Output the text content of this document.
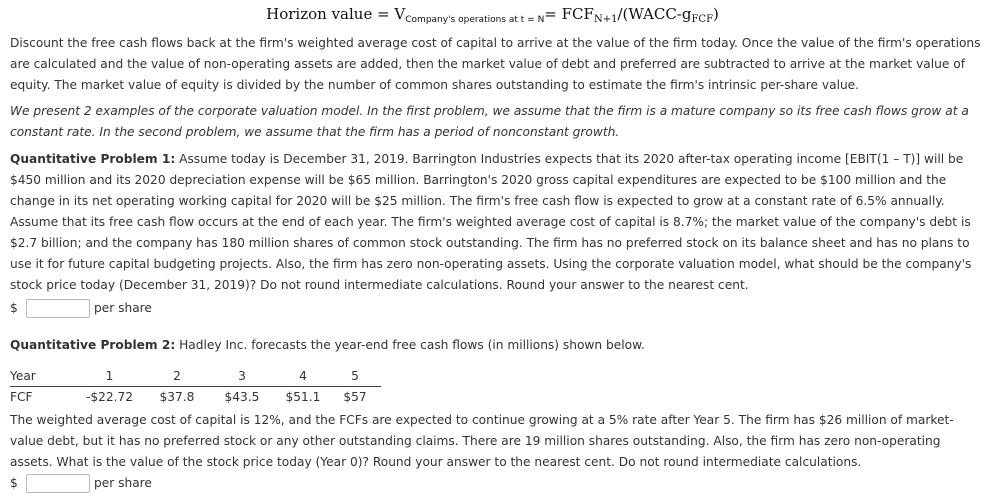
Horizon value = $V_{Company's operations at t = N}=$ $FCF_{N+1}/(WACC-g_{FCF})$

Discount the free cash flows back at the firm's weighted average cost of capital to arrive at the value of the firm today. Once the value of the firm's operations
are calculated and the value of non-operating assets are added, then the market value of debt and preferred are subtracted to arrive at the market value of
equity. The market value of equity is divided by the number of common shares outstanding to estimate the firm's intrinsic per-share value.

We present 2 examples of the corporate valuation model. In the first problem, we assume that the firm is a mature company so its free cash flows grow at a
constant rate. In the second problem, we assume that the firm has a period of nonconstant growth.

Quantitative Problem 1: Assume today is December 31, 2019. Barrington Industries expects that its 2020 after-tax operating income [EBIT(1 – T)] will be
$450 million and its 2020 depreciation expense will be $65 million. Barrington's 2020 gross capital expenditures are expected to be $100 million and the
change in its net operating working capital for 2020 will be $25 million. The firm's free cash flow is expected to grow at a constant rate of 6.5% annually.
Assume that its free cash flow occurs at the end of each year. The firm's weighted average cost of capital is 8.7%; the market value of the company's debt is
$2.7 billion; and the company has 180 million shares of common stock outstanding. The firm has no preferred stock on its balance sheet and has no plans to
use it for future capital budgeting projects. Also, the firm has zero non-operating assets. Using the corporate valuation model, what should be the company's
stock price today (December 31, 2019)? Do not round intermediate calculations. Round your answer to the nearest cent.

$	per share

Quantitative Problem 2: Hadley Inc. forecasts the year-end free cash flows (in millions) shown below.

Year	1	2	3	4	5
FCF	-$22.72	$37.8	$43.5	$51.1	$57

The weighted average cost of capital is 12%, and the FCFs are expected to continue growing at a 5% rate after Year 5. The firm has $26 million of market-
value debt, but it has no preferred stock or any other outstanding claims. There are 19 million shares outstanding. Also, the firm has zero non-operating
assets. What is the value of the stock price today (Year 0)? Round your answer to the nearest cent. Do not round intermediate calculations.

$	per share
